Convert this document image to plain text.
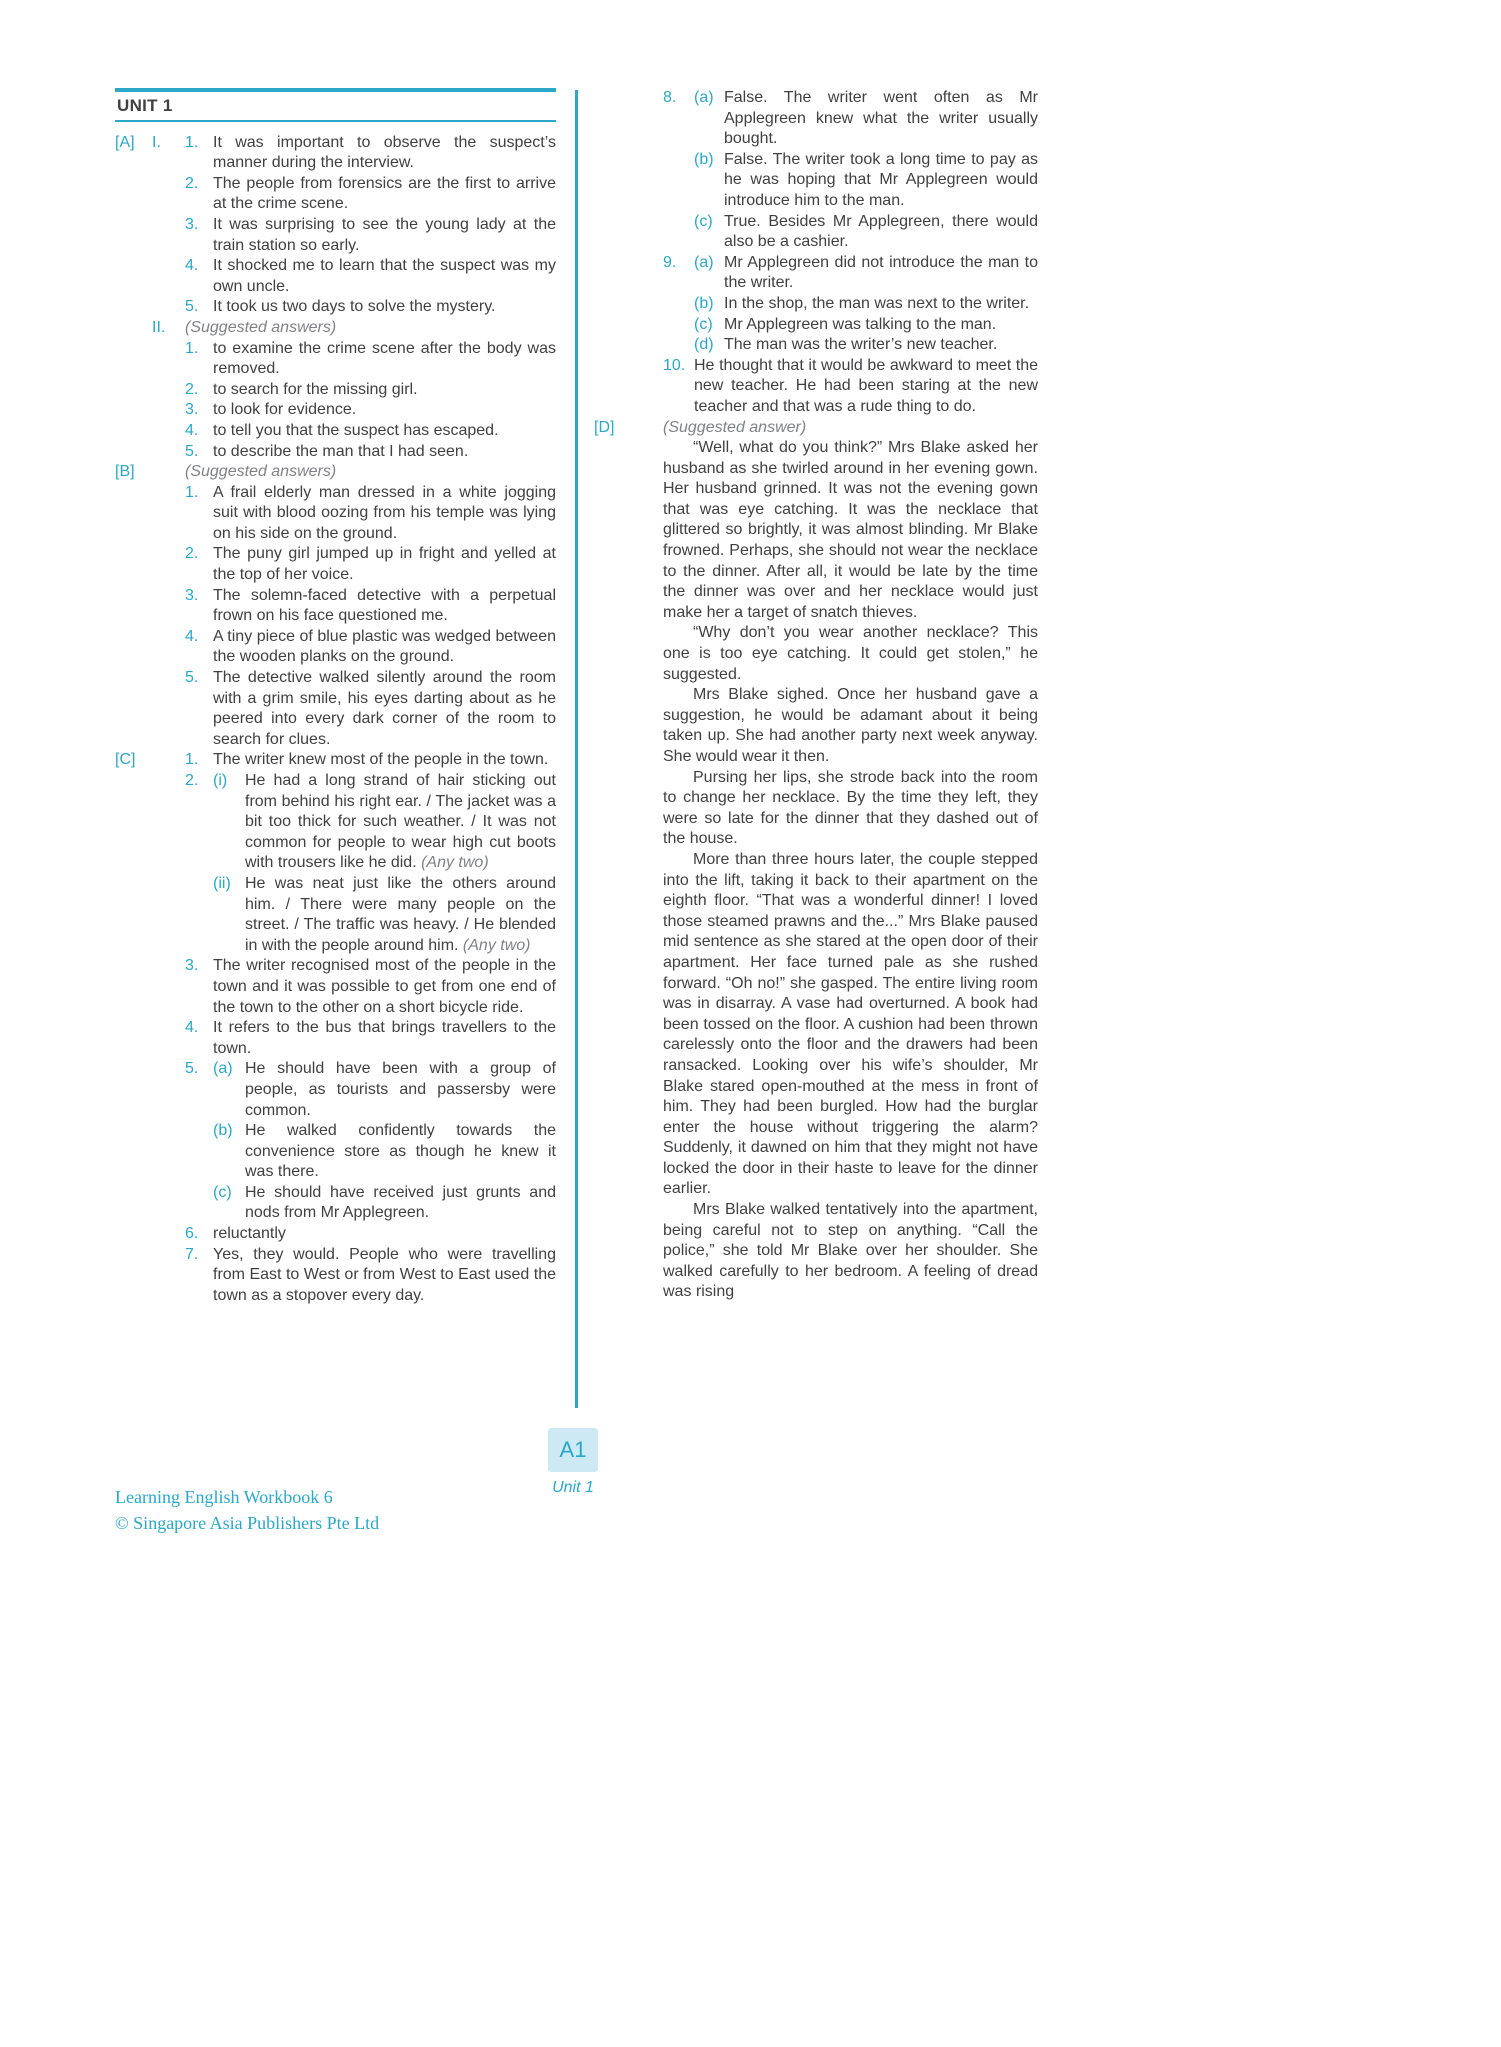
UNIT 1
[A]	I.	1. It was important to observe the suspect’s manner during the interview.
2. The people from forensics are the first to arrive at the crime scene.
3. It was surprising to see the young lady at the train station so early.
4. It shocked me to learn that the suspect was my own uncle.
5. It took us two days to solve the mystery.
II.	(Suggested answers)
1. to examine the crime scene after the body was removed.
2. to search for the missing girl.
3. to look for evidence.
4. to tell you that the suspect has escaped.
5. to describe the man that I had seen.
[B]	(Suggested answers)
1. A frail elderly man dressed in a white jogging suit with blood oozing from his temple was lying on his side on the ground.
2. The puny girl jumped up in fright and yelled at the top of her voice.
3. The solemn-faced detective with a perpetual frown on his face questioned me.
4. A tiny piece of blue plastic was wedged between the wooden planks on the ground.
5. The detective walked silently around the room with a grim smile, his eyes darting about as he peered into every dark corner of the room to search for clues.
[C]	1. The writer knew most of the people in the town.
2. (i)	He had a long strand of hair sticking out from behind his right ear. / The jacket was a bit too thick for such weather. / It was not common for people to wear high cut boots with trousers like he did. (Any two)
(ii) He was neat just like the others around him. / There were many people on the street. / The traffic was heavy. / He blended in with the people around him. (Any two)
3. The writer recognised most of the people in the town and it was possible to get from one end of the town to the other on a short bicycle ride.
4. It refers to the bus that brings travellers to the town.
5. (a) He should have been with a group of people, as tourists and passersby were common.
(b) He walked confidently towards the convenience store as though he knew it was there.
(c) He should have received just grunts and nods from Mr Applegreen.
6. reluctantly
7. Yes, they would. People who were travelling from East to West or from West to East used the town as a stopover every day.
8.	(a) False. The writer went often as Mr Applegreen knew what the writer usually bought.
(b) False. The writer took a long time to pay as he was hoping that Mr Applegreen would introduce him to the man.
(c) True. Besides Mr Applegreen, there would also be a cashier.
9.	(a) Mr Applegreen did not introduce the man to the writer.
(b) In the shop, the man was next to the writer.
(c) Mr Applegreen was talking to the man.
(d) The man was the writer’s new teacher.
10. He thought that it would be awkward to meet the new teacher. He had been staring at the new teacher and that was a rude thing to do.
[D]	(Suggested answer)
“Well, what do you think?” Mrs Blake asked her husband as she twirled around in her evening gown. Her husband grinned. It was not the evening gown that was eye catching. It was the necklace that glittered so brightly, it was almost blinding. Mr Blake frowned. Perhaps, she should not wear the necklace to the dinner. After all, it would be late by the time the dinner was over and her necklace would just make her a target of snatch thieves.
“Why don’t you wear another necklace? This one is too eye catching. It could get stolen,” he suggested.
Mrs Blake sighed. Once her husband gave a suggestion, he would be adamant about it being taken up. She had another party next week anyway. She would wear it then.
Pursing her lips, she strode back into the room to change her necklace. By the time they left, they were so late for the dinner that they dashed out of the house.
More than three hours later, the couple stepped into the lift, taking it back to their apartment on the eighth floor. “That was a wonderful dinner! I loved those steamed prawns and the...” Mrs Blake paused mid sentence as she stared at the open door of their apartment. Her face turned pale as she rushed forward. “Oh no!” she gasped. The entire living room was in disarray. A vase had overturned. A book had been tossed on the floor. A cushion had been thrown carelessly onto the floor and the drawers had been ransacked. Looking over his wife’s shoulder, Mr Blake stared open-mouthed at the mess in front of him. They had been burgled. How had the burglar enter the house without triggering the alarm? Suddenly, it dawned on him that they might not have locked the door in their haste to leave for the dinner earlier.
Mrs Blake walked tentatively into the apartment, being careful not to step on anything. “Call the police,” she told Mr Blake over her shoulder. She walked carefully to her bedroom. A feeling of dread was rising
A1
Unit 1
Learning English Workbook 6
© Singapore Asia Publishers Pte Ltd
